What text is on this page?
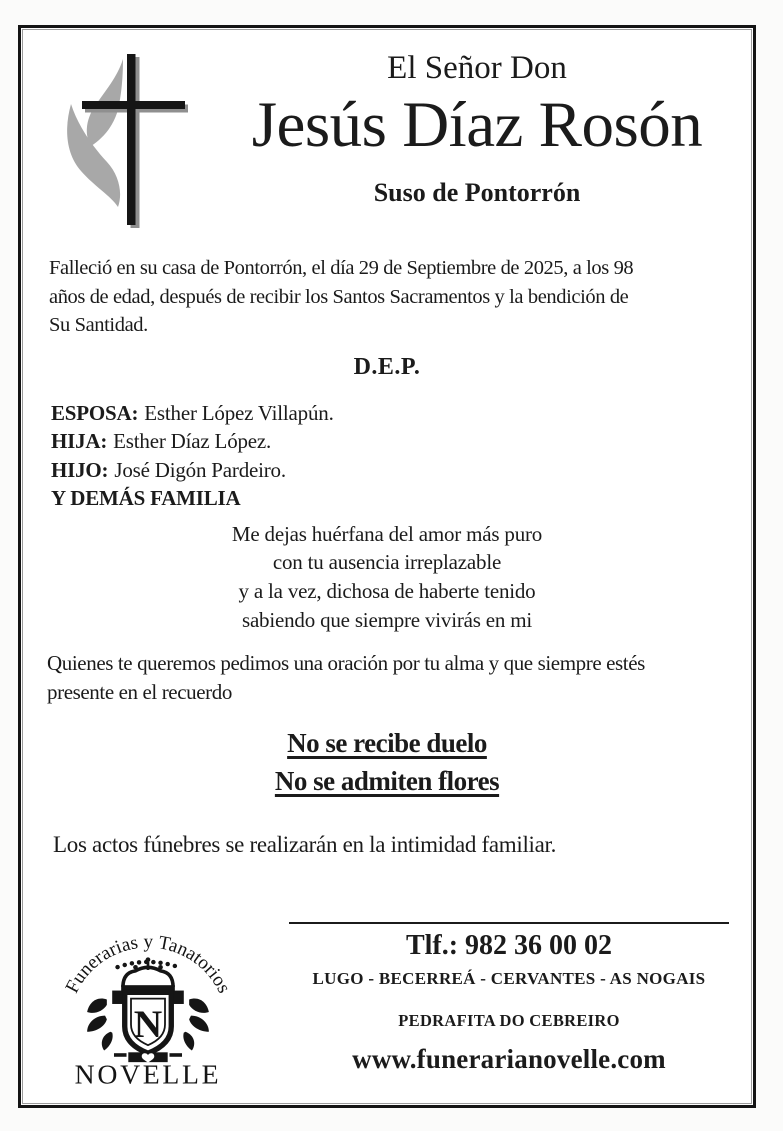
El Señor Don
Jesús Díaz Rosón
Suso de Pontorrón
Falleció en su casa de Pontorrón, el día 29 de Septiembre de 2025, a los 98
años de edad, después de recibir los Santos Sacramentos y la bendición de
Su Santidad.
D.E.P.
ESPOSA: Esther López Villapún.
HIJA: Esther Díaz López.
HIJO: José Digón Pardeiro.
Y DEMÁS FAMILIA
Me dejas huérfana del amor más puro
con tu ausencia irreplazable
y a la vez, dichosa de haberte tenido
sabiendo que siempre vivirás en mi
Quienes te queremos pedimos una oración por tu alma y que siempre estés
presente en el recuerdo
No se recibe duelo
No se admiten flores
Los actos fúnebres se realizarán en la intimidad familiar.
Funerarias y Tanatorios
N
NOVELLE
Tlf.: 982 36 00 02
LUGO - BECERREÁ - CERVANTES - AS NOGAIS
PEDRAFITA DO CEBREIRO
www.funerarianovelle.com
